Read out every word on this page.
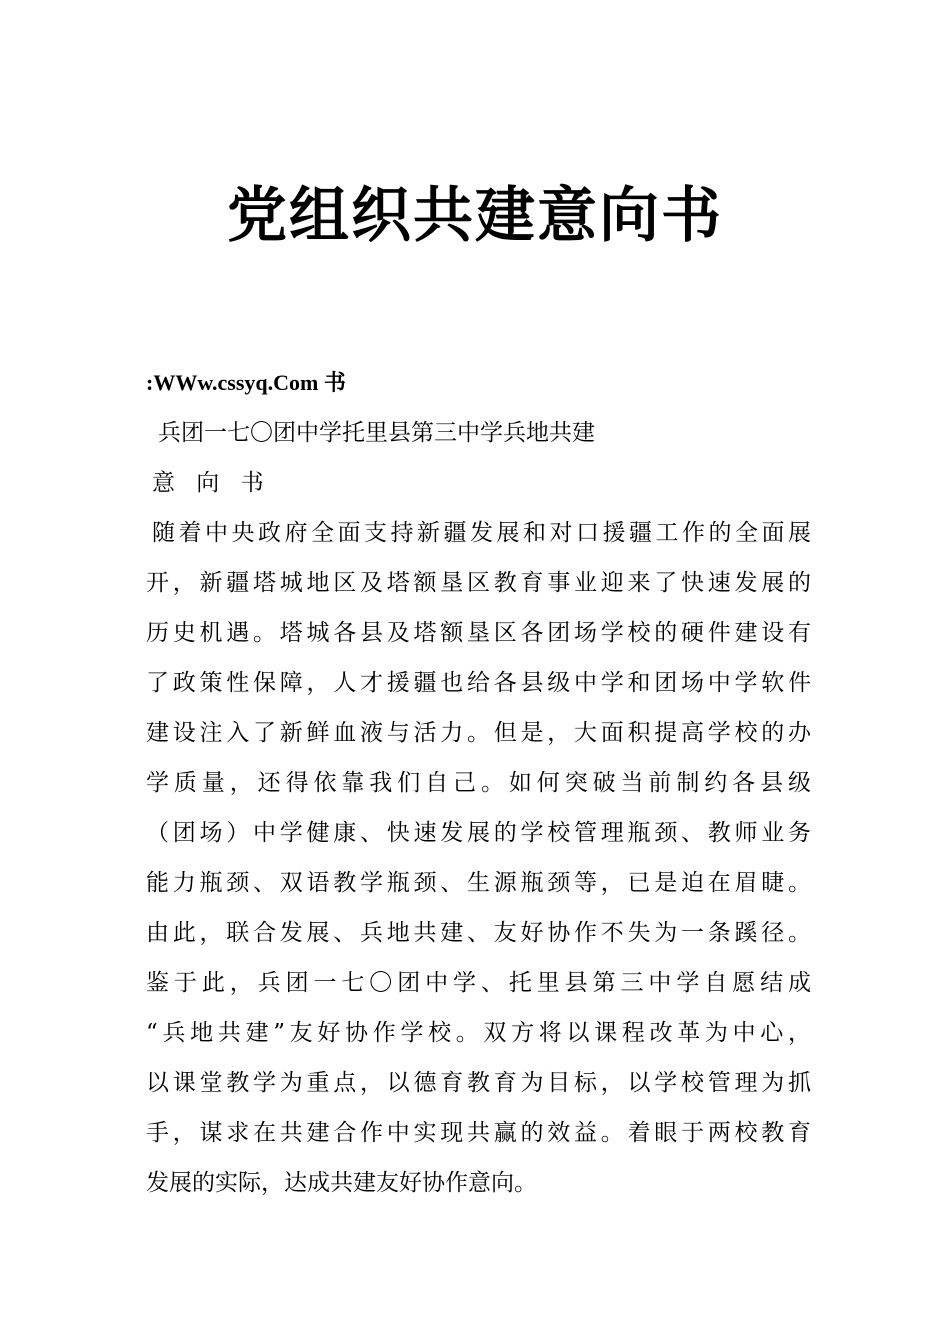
党组织共建意向书
:WWw.cssyq.Com 书
兵团一七〇团中学托里县第三中学兵地共建
意 向 书
随着中央政府全面支持新疆发展和对口援疆工作的全面展
开，新疆塔城地区及塔额垦区教育事业迎来了快速发展的
历史机遇。塔城各县及塔额垦区各团场学校的硬件建设有
了政策性保障，人才援疆也给各县级中学和团场中学软件
建设注入了新鲜血液与活力。但是，大面积提高学校的办
学质量，还得依靠我们自己。如何突破当前制约各县级
（团场）中学健康、快速发展的学校管理瓶颈、教师业务
能力瓶颈、双语教学瓶颈、生源瓶颈等，已是迫在眉睫。
由此，联合发展、兵地共建、友好协作不失为一条蹊径。
鉴于此，兵团一七〇团中学、托里县第三中学自愿结成
“兵地共建”友好协作学校。双方将以课程改革为中心，
以课堂教学为重点，以德育教育为目标，以学校管理为抓
手，谋求在共建合作中实现共赢的效益。着眼于两校教育
发展的实际，达成共建友好协作意向。
